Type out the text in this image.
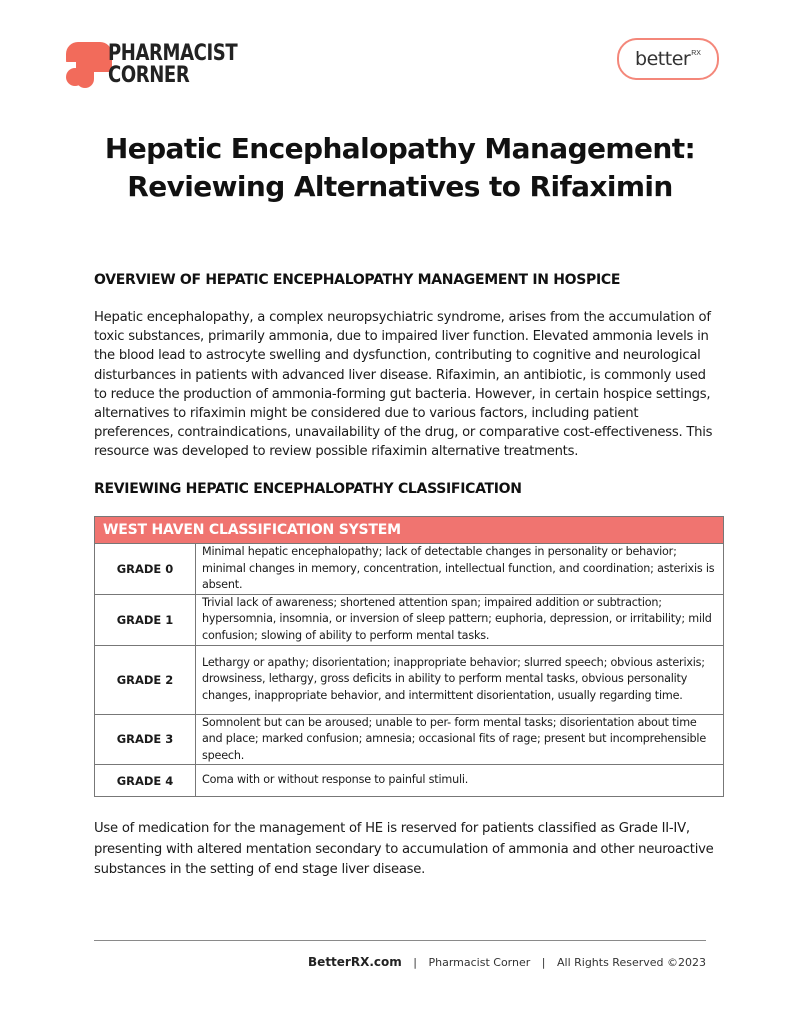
PHARMACIST
CORNER
better$^{RX}$
Hepatic Encephalopathy Management:
Reviewing Alternatives to Rifaximin
OVERVIEW OF HEPATIC ENCEPHALOPATHY MANAGEMENT IN HOSPICE

Hepatic encephalopathy, a complex neuropsychiatric syndrome, arises from the accumulation of toxic substances, primarily ammonia, due to impaired liver function. Elevated ammonia levels in the blood lead to astrocyte swelling and dysfunction, contributing to cognitive and neurological disturbances in patients with advanced liver disease. Rifaximin, an antibiotic, is commonly used to reduce the production of ammonia-forming gut bacteria. However, in certain hospice settings, alternatives to rifaximin might be considered due to various factors, including patient preferences, contraindications, unavailability of the drug, or comparative cost-effectiveness. This resource was developed to review possible rifaximin alternative treatments.

REVIEWING HEPATIC ENCEPHALOPATHY CLASSIFICATION
WEST HAVEN CLASSIFICATION SYSTEM	
GRADE 0	Minimal hepatic encephalopathy; lack of detectable changes in personality or behavior; minimal changes in memory, concentration, intellectual function, and coordination; asterixis is absent.
GRADE 1	Trivial lack of awareness; shortened attention span; impaired addition or subtraction; hypersomnia, insomnia, or inversion of sleep pattern; euphoria, depression, or irritability; mild confusion; slowing of ability to perform mental tasks.
GRADE 2	Lethargy or apathy; disorientation; inappropriate behavior; slurred speech; obvious asterixis; drowsiness, lethargy, gross deficits in ability to perform mental tasks, obvious personality changes, inappropriate behavior, and intermittent disorientation, usually regarding time.
GRADE 3	Somnolent but can be aroused; unable to per- form mental tasks; disorientation about time and place; marked confusion; amnesia; occasional fits of rage; present but incomprehensible speech.
GRADE 4	Coma with or without response to painful stimuli.

Use of medication for the management of HE is reserved for patients classified as Grade II-IV, presenting with altered mentation secondary to accumulation of ammonia and other neuroactive substances in the setting of end stage liver disease.

BetterRX.com | Pharmacist Corner | All Rights Reserved ©2023
